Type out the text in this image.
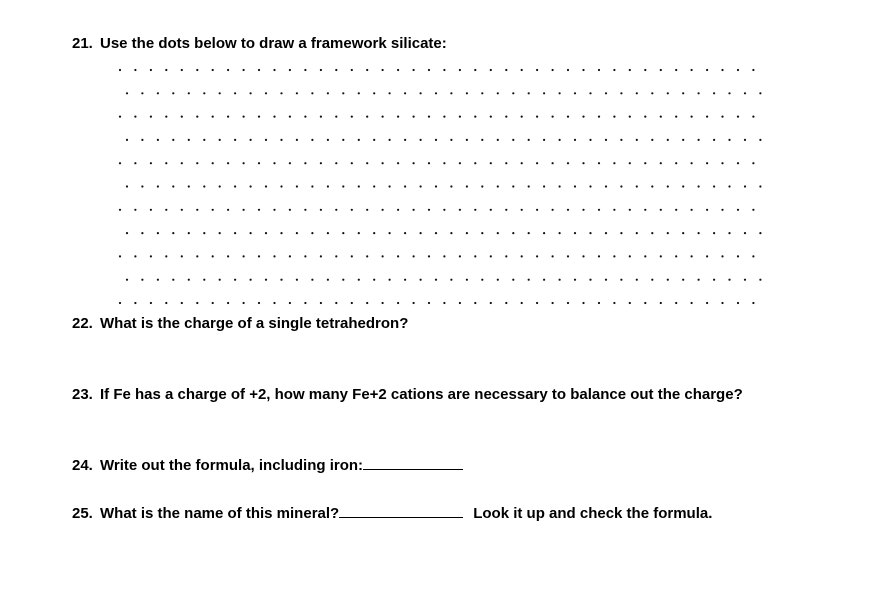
21. Use the dots below to draw a framework silicate:
22. What is the charge of a single tetrahedron?
23. If Fe has a charge of +2, how many Fe+2 cations are necessary to balance out the charge?
24. Write out the formula, including iron:
25. What is the name of this mineral?	Look it up and check the formula.
